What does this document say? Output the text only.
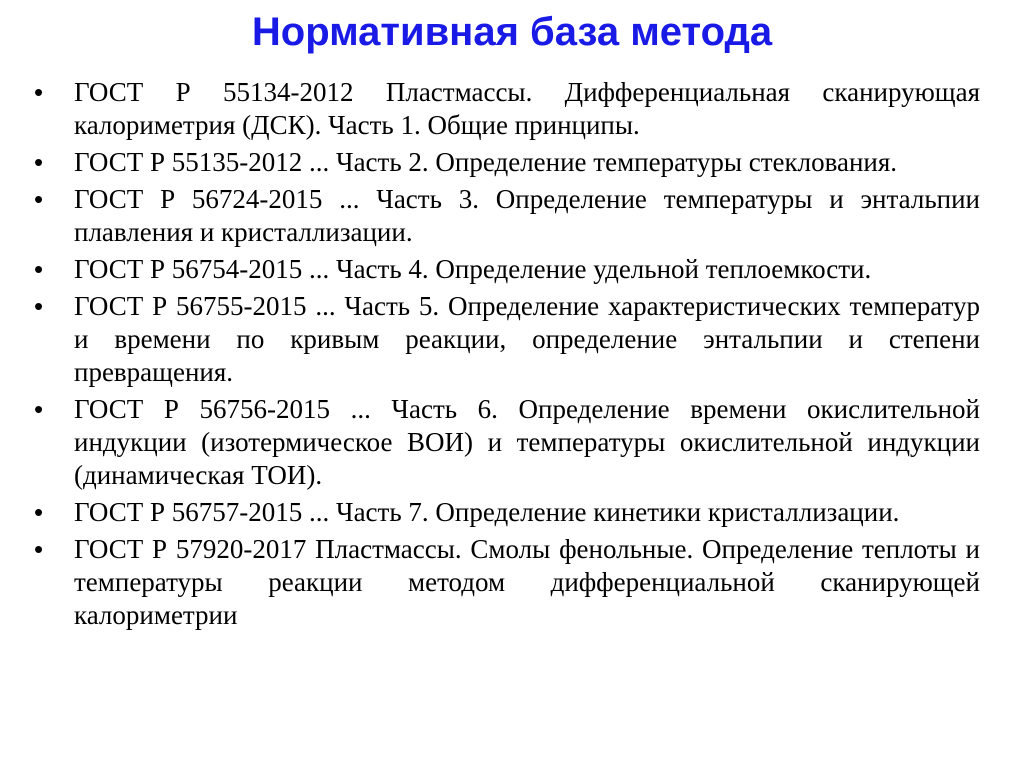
Нормативная база метода
• ГОСТ Р 55134-2012 Пластмассы. Дифференциальная сканирующая калориметрия (ДСК). Часть 1. Общие принципы.
• ГОСТ Р 55135-2012 ... Часть 2. Определение температуры стеклования.
• ГОСТ Р 56724-2015 ... Часть 3. Определение температуры и энтальпии плавления и кристаллизации.
• ГОСТ Р 56754-2015 ... Часть 4. Определение удельной теплоемкости.
• ГОСТ Р 56755-2015 ... Часть 5. Определение характеристических температур и времени по кривым реакции, определение энтальпии и степени превращения.
• ГОСТ Р 56756-2015 ... Часть 6. Определение времени окислительной индукции (изотермическое ВОИ) и температуры окислительной индукции (динамическая ТОИ).
• ГОСТ Р 56757-2015 ... Часть 7. Определение кинетики кристаллизации.
• ГОСТ Р 57920-2017 Пластмассы. Смолы фенольные. Определение теплоты и температуры реакции методом дифференциальной сканирующей калориметрии
